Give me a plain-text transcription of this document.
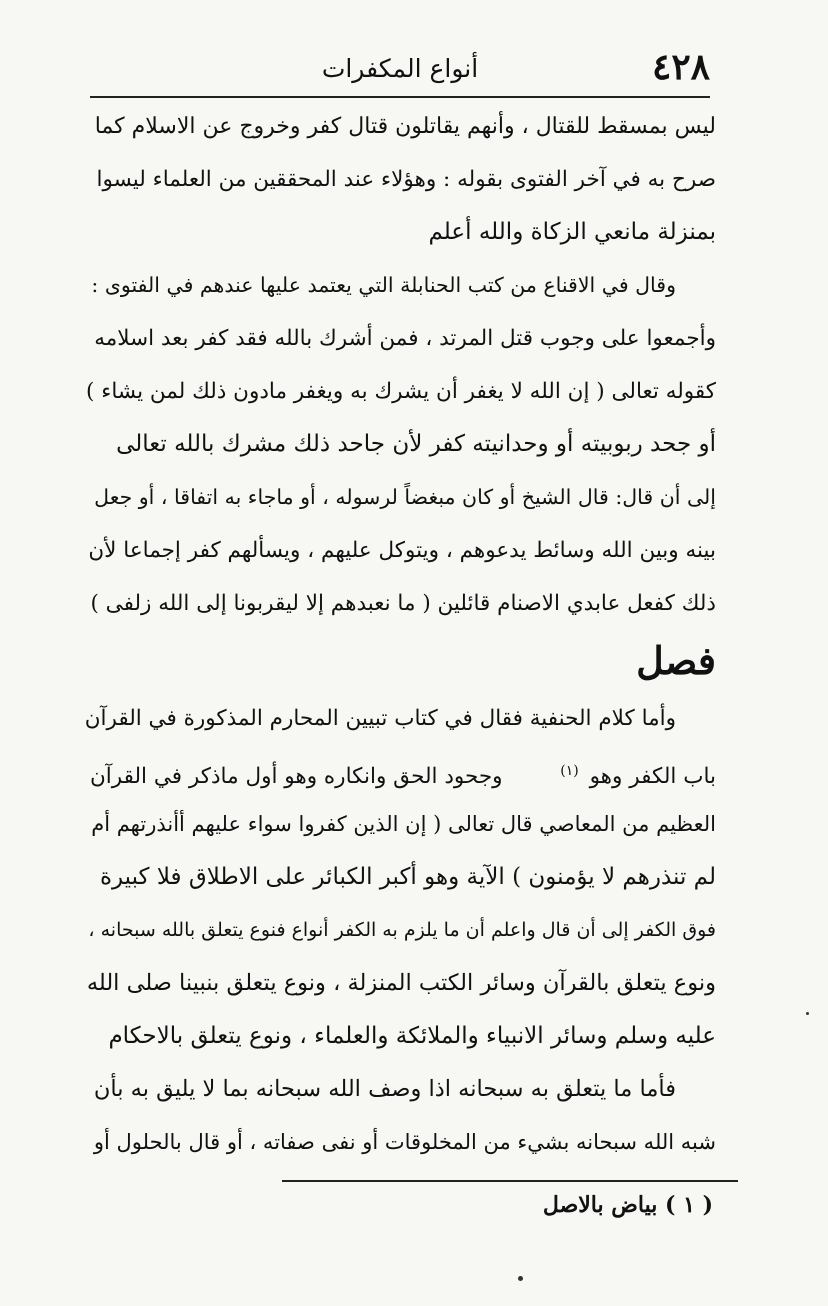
٤٢٨
أنواع المكفرات
ليس بمسقط للقتال ، وأنهم يقاتلون قتال كفر وخروج عن الاسلام كما
صرح به في آخر الفتوى بقوله : وهؤلاء عند المحققين من العلماء ليسوا
بمنزلة مانعي الزكاة والله أعلم
وقال في الاقناع من كتب الحنابلة التي يعتمد عليها عندهم في الفتوى :
وأجمعوا على وجوب قتل المرتد ، فمن أشرك بالله فقد كفر بعد اسلامه
كقوله تعالى ( إن الله لا يغفر أن يشرك به ويغفر مادون ذلك لمن يشاء )
أو جحد ربوبيته أو وحدانيته كفر لأن جاحد ذلك مشرك بالله تعالى
إلى أن قال: قال الشيخ أو كان مبغضاً لرسوله ، أو ماجاء به اتفاقا ، أو جعل
بينه وبين الله وسائط يدعوهم ، ويتوكل عليهم ، ويسألهم كفر إجماعا لأن
ذلك كفعل عابدي الاصنام قائلين ( ما نعبدهم إلا ليقربونا إلى الله زلفى )
فصل
وأما كلام الحنفية فقال في كتاب تبيين المحارم المذكورة في القرآن
باب الكفر وهو $^{(١)}$  وجحود الحق وانكاره وهو أول ماذكر في القرآن
العظيم من المعاصي قال تعالى ( إن الذين كفروا سواء عليهم أأنذرتهم أم
لم تنذرهم لا يؤمنون ) الآية وهو أكبر الكبائر على الاطلاق فلا كبيرة
فوق الكفر إلى أن قال واعلم أن ما يلزم به الكفر أنواع فنوع يتعلق بالله سبحانه ،
ونوع يتعلق بالقرآن وسائر الكتب المنزلة ، ونوع يتعلق بنبينا صلى الله
عليه وسلم وسائر الانبياء والملائكة والعلماء ، ونوع يتعلق بالاحكام
فأما ما يتعلق به سبحانه اذا وصف الله سبحانه بما لا يليق به بأن
شبه الله سبحانه بشيء من المخلوقات أو نفى صفاته ، أو قال بالحلول أو
( ١ ) بياض بالاصل
